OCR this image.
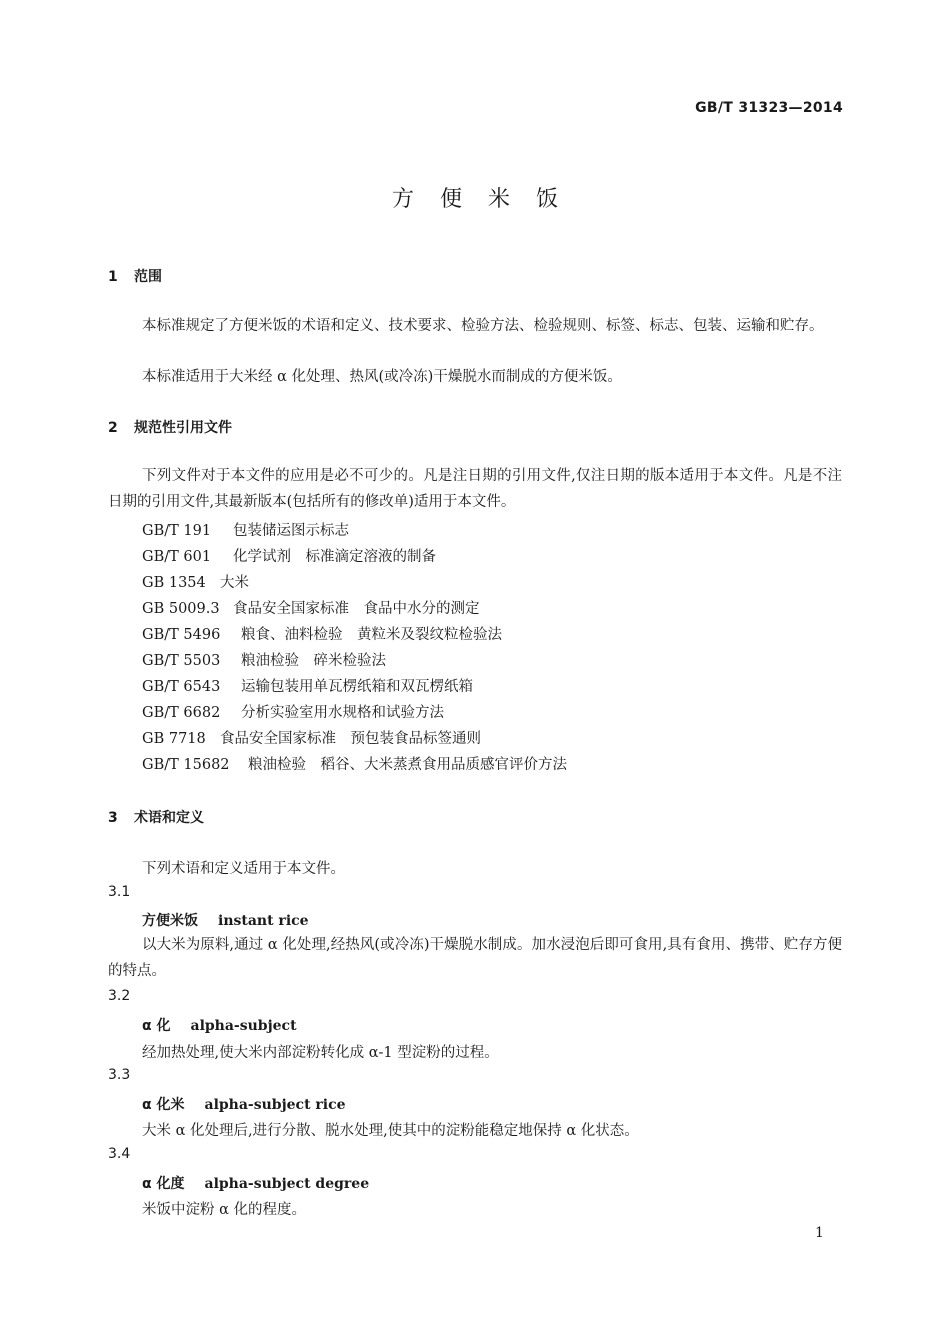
GB/T 31323—2014
方便米饭
1 范围
本标准规定了方便米饭的术语和定义、技术要求、检验方法、检验规则、标签、标志、包装、运输和贮存。
本标准适用于大米经 α 化处理、热风(或冷冻)干燥脱水而制成的方便米饭。
2 规范性引用文件
下列文件对于本文件的应用是必不可少的。凡是注日期的引用文件,仅注日期的版本适用于本文件。凡是不注日期的引用文件,其最新版本(包括所有的修改单)适用于本文件。
GB/T 191 包装储运图示标志
GB/T 601 化学试剂　标准滴定溶液的制备
GB 1354 大米
GB 5009.3 食品安全国家标准　食品中水分的测定
GB/T 5496 粮食、油料检验　黄粒米及裂纹粒检验法
GB/T 5503 粮油检验　碎米检验法
GB/T 6543 运输包装用单瓦楞纸箱和双瓦楞纸箱
GB/T 6682 分析实验室用水规格和试验方法
GB 7718 食品安全国家标准　预包装食品标签通则
GB/T 15682 粮油检验　稻谷、大米蒸煮食用品质感官评价方法
3 术语和定义
下列术语和定义适用于本文件。
3.1
方便米饭 instant rice
以大米为原料,通过 α 化处理,经热风(或冷冻)干燥脱水制成。加水浸泡后即可食用,具有食用、携带、贮存方便的特点。
3.2
α 化 alpha-subject
经加热处理,使大米内部淀粉转化成 α-1 型淀粉的过程。
3.3
α 化米 alpha-subject rice
大米 α 化处理后,进行分散、脱水处理,使其中的淀粉能稳定地保持 α 化状态。
3.4
α 化度 alpha-subject degree
米饭中淀粉 α 化的程度。
1
